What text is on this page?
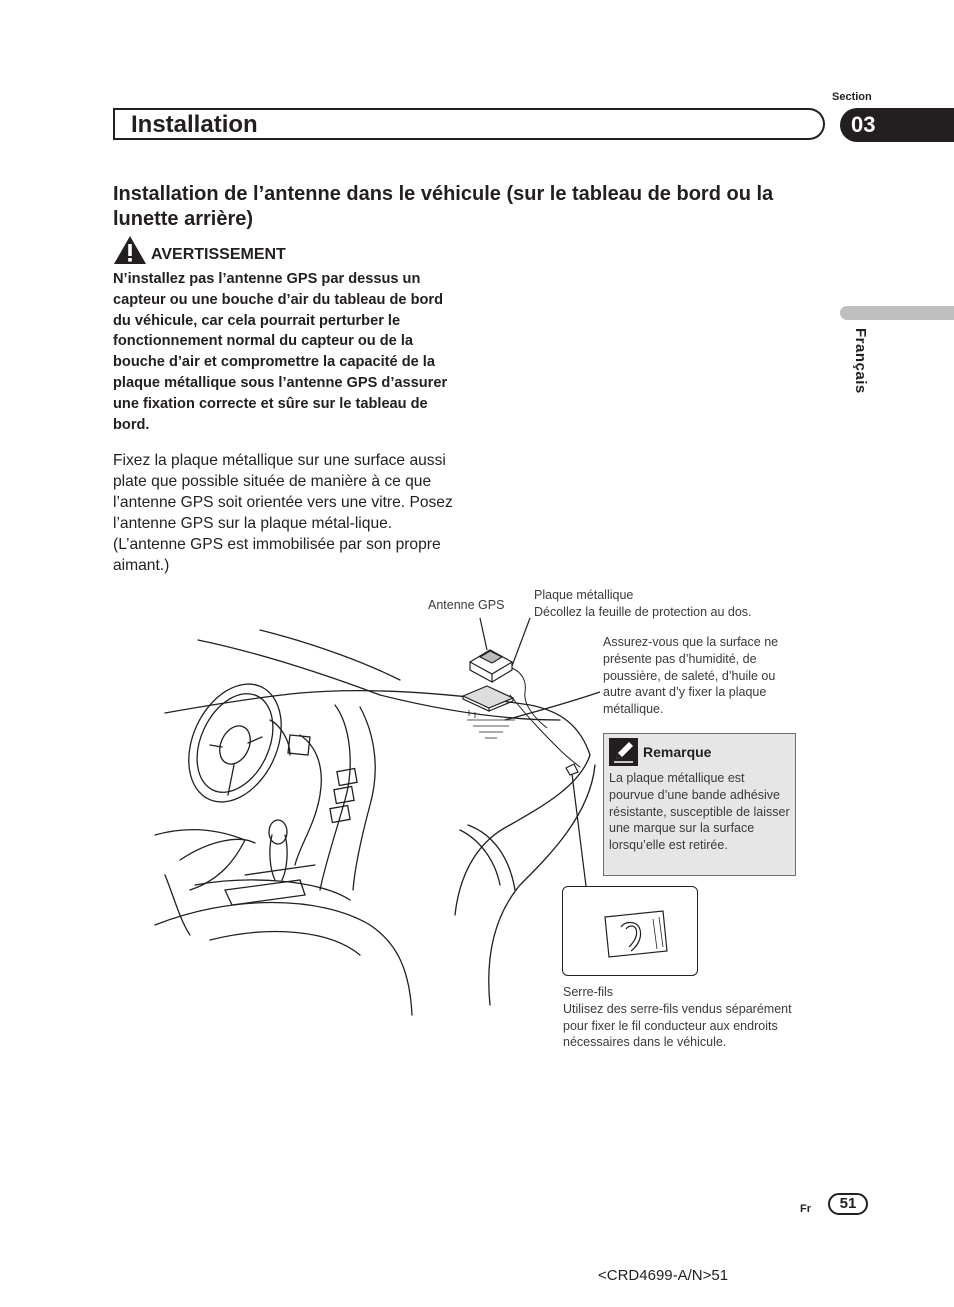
Section
Installation	03
Français
Installation de l’antenne dans le véhicule (sur le tableau de bord ou la lunette arrière)
AVERTISSEMENT
N’installez pas l’antenne GPS par dessus un capteur ou une bouche d’air du tableau de bord du véhicule, car cela pourrait perturber le fonctionnement normal du capteur ou de la bouche d’air et compromettre la capacité de la plaque métallique sous l’antenne GPS d’assurer une fixation correcte et sûre sur le tableau de bord.
Fixez la plaque métallique sur une surface aussi plate que possible située de manière à ce que l’antenne GPS soit orientée vers une vitre. Posez l’antenne GPS sur la plaque métal-lique. (L’antenne GPS est immobilisée par son propre aimant.)
Antenne GPS
Plaque métallique
Décollez la feuille de protection au dos.
Assurez-vous que la surface ne présente pas d’humidité, de poussière, de saleté, d’huile ou autre avant d’y fixer la plaque métallique.
Remarque
La plaque métallique est pourvue d’une bande adhésive résistante, susceptible de laisser une marque sur la surface lorsqu’elle est retirée.
Serre-fils
Utilisez des serre-fils vendus séparément pour fixer le fil conducteur aux endroits nécessaires dans le véhicule.
Fr	51
<CRD4699-A/N>51
